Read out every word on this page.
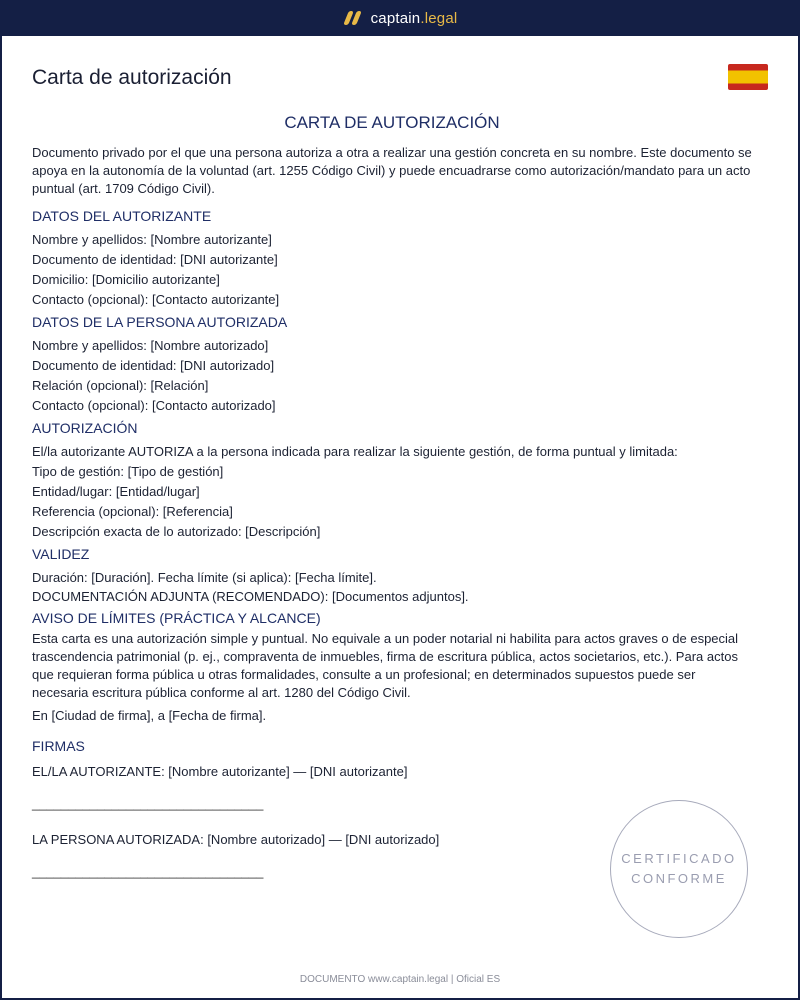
captain.legal
Carta de autorización
CARTA DE AUTORIZACIÓN

Documento privado por el que una persona autoriza a otra a realizar una gestión concreta en su nombre. Este documento se apoya en la autonomía de la voluntad (art. 1255 Código Civil) y puede encuadrarse como autorización/mandato para un acto puntual (art. 1709 Código Civil).

DATOS DEL AUTORIZANTE

Nombre y apellidos: [Nombre autorizante]

Documento de identidad: [DNI autorizante]

Domicilio: [Domicilio autorizante]

Contacto (opcional): [Contacto autorizante]

DATOS DE LA PERSONA AUTORIZADA

Nombre y apellidos: [Nombre autorizado]

Documento de identidad: [DNI autorizado]

Relación (opcional): [Relación]

Contacto (opcional): [Contacto autorizado]

AUTORIZACIÓN

El/la autorizante AUTORIZA a la persona indicada para realizar la siguiente gestión, de forma puntual y limitada:

Tipo de gestión: [Tipo de gestión]

Entidad/lugar: [Entidad/lugar]

Referencia (opcional): [Referencia]

Descripción exacta de lo autorizado: [Descripción]

VALIDEZ

Duración: [Duración]. Fecha límite (si aplica): [Fecha límite].

DOCUMENTACIÓN ADJUNTA (RECOMENDADO): [Documentos adjuntos].

AVISO DE LÍMITES (PRÁCTICA Y ALCANCE)

Esta carta es una autorización simple y puntual. No equivale a un poder notarial ni habilita para actos graves o de especial trascendencia patrimonial (p. ej., compraventa de inmuebles, firma de escritura pública, actos societarios, etc.). Para actos que requieran forma pública u otras formalidades, consulte a un profesional; en determinados supuestos puede ser necesaria escritura pública conforme al art. 1280 del Código Civil.

En [Ciudad de firma], a [Fecha de firma].

FIRMAS

EL/LA AUTORIZANTE: [Nombre autorizante] — [DNI autorizante]

________________________________

LA PERSONA AUTORIZADA: [Nombre autorizado] — [DNI autorizado]

________________________________

CERTIFICADO
CONFORME
DOCUMENTO www.captain.legal | Oficial ES
